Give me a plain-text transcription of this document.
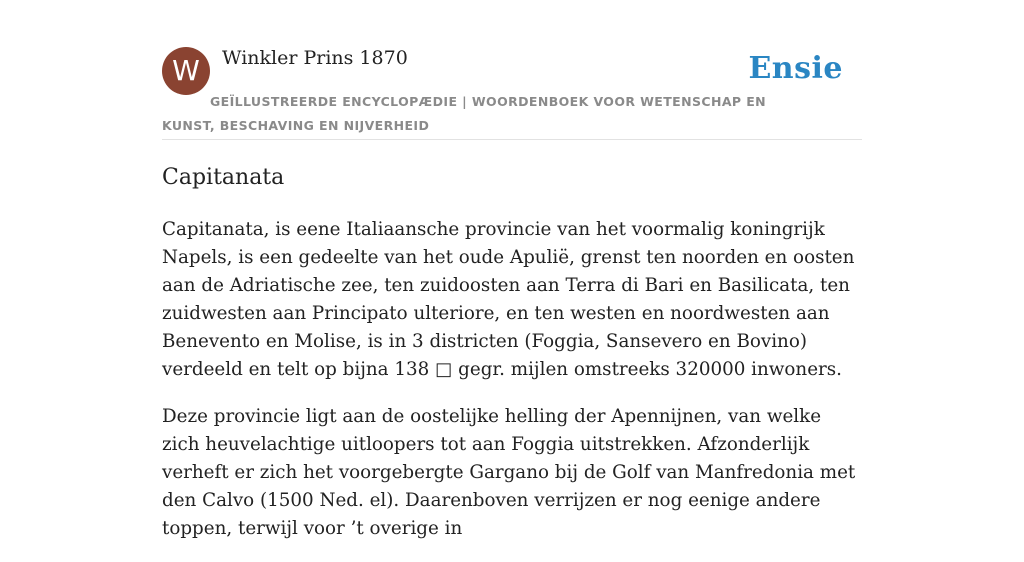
W	Winkler Prins 1870	Ensie
GEÏLLUSTREERDE ENCYCLOPÆDIE | WOORDENBOEK VOOR WETENSCHAP EN KUNST, BESCHAVING EN NIJVERHEID
Capitanata

Capitanata, is eene Italiaansche provincie van het voormalig koningrijk Napels, is een gedeelte van het oude Apulië, grenst ten noorden en oosten aan de Adriatische zee, ten zuidoosten aan Terra di Bari en Basilicata, ten zuidwesten aan Principato ulteriore, en ten westen en noordwesten aan Benevento en Molise, is in 3 districten (Foggia, Sansevero en Bovino) verdeeld en telt op bijna 138 □ gegr. mijlen omstreeks 320000 inwoners.

Deze provincie ligt aan de oostelijke helling der Apennijnen, van welke zich heuvelachtige uitloopers tot aan Foggia uitstrekken. Afzonderlijk verheft er zich het voorgebergte Gargano bij de Golf van Manfredonia met den Calvo (1500 Ned. el). Daarenboven verrijzen er nog eenige andere toppen, terwijl voor ’t overige in
